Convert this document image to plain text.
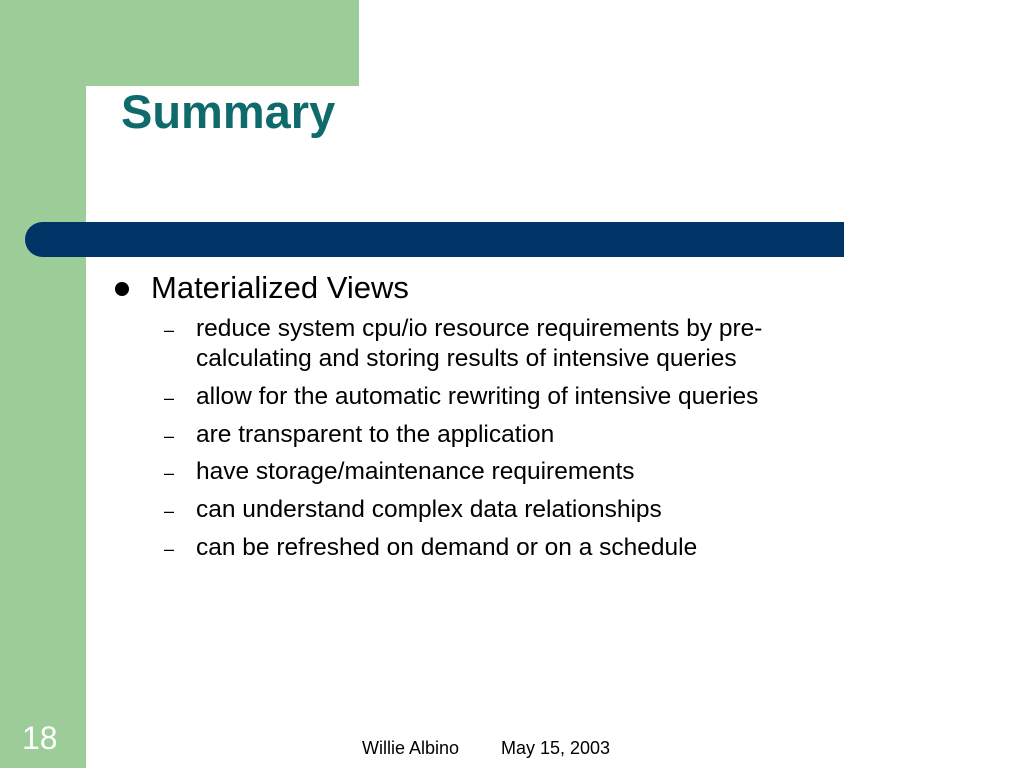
Summary
Materialized Views
– reduce system cpu/io resource requirements by pre-
calculating and storing results of intensive queries
– allow for the automatic rewriting of intensive queries
– are transparent to the application
– have storage/maintenance requirements
– can understand complex data relationships
– can be refreshed on demand or on a schedule
18	Willie Albino May 15, 2003
